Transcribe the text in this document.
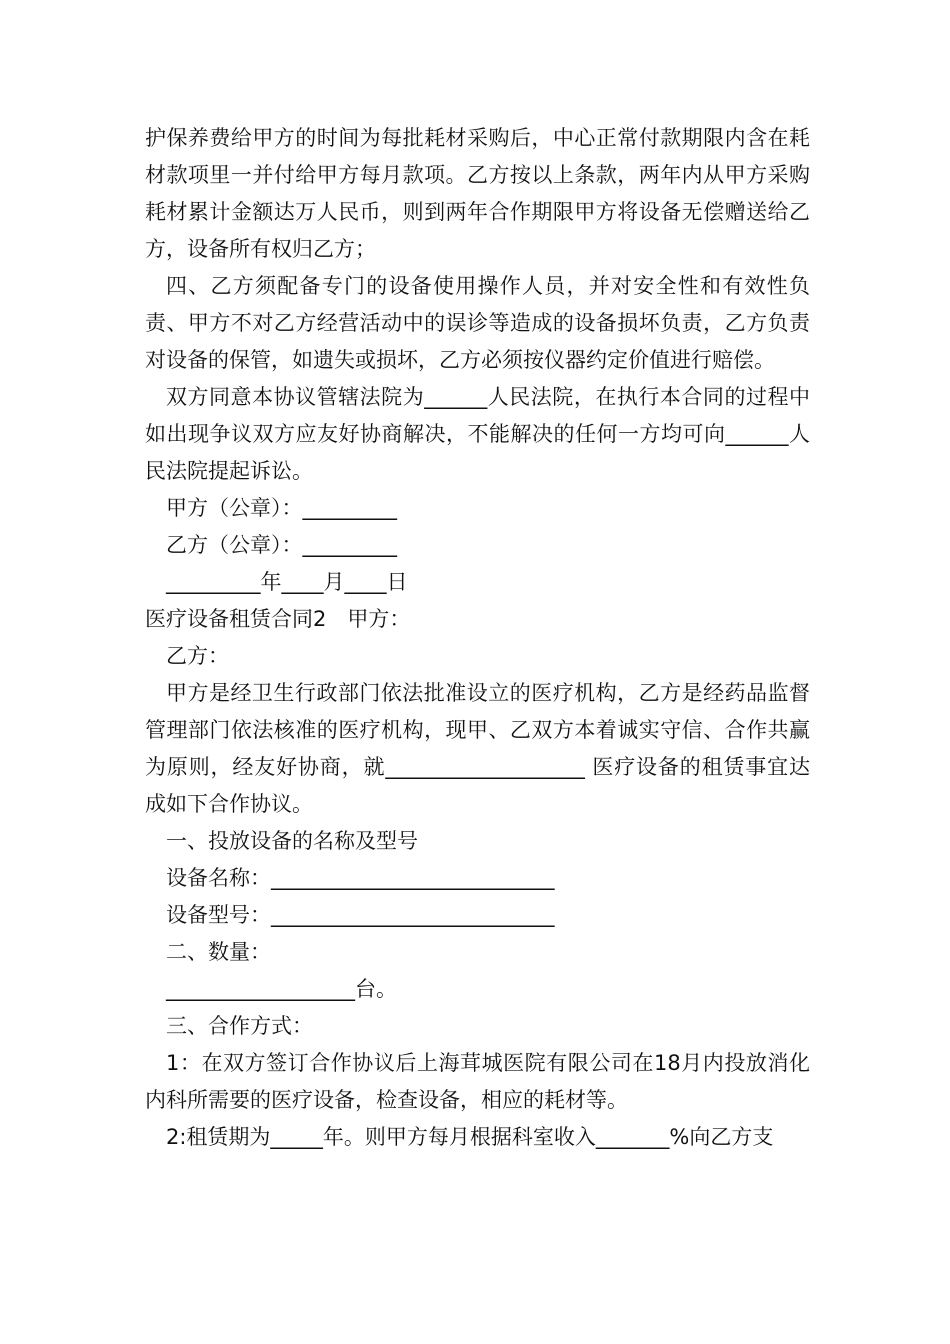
护保养费给甲方的时间为每批耗材采购后，中心正常付款期限内含在耗材款项里一并付给甲方每月款项。乙方按以上条款，两年内从甲方采购耗材累计金额达万人民币，则到两年合作期限甲方将设备无偿赠送给乙方，设备所有权归乙方；

四、乙方须配备专门的设备使用操作人员，并对安全性和有效性负责、甲方不对乙方经营活动中的误诊等造成的设备损坏负责，乙方负责对设备的保管，如遗失或损坏，乙方必须按仪器约定价值进行赔偿。

双方同意本协议管辖法院为______人民法院，在执行本合同的过程中如出现争议双方应友好协商解决，不能解决的任何一方均可向______人民法院提起诉讼。

甲方（公章）：_________

乙方（公章）：_________

_________年____月____日

医疗设备租赁合同2　甲方：

乙方：

甲方是经卫生行政部门依法批准设立的医疗机构，乙方是经药品监督管理部门依法核准的医疗机构，现甲、乙双方本着诚实守信、合作共赢为原则，经友好协商，就___________________ 医疗设备的租赁事宜达成如下合作协议。

一、投放设备的名称及型号

设备名称：___________________________

设备型号：___________________________

二、数量：

__________________台。

三、合作方式：

1：在双方签订合作协议后上海茸城医院有限公司在18月内投放消化内科所需要的医疗设备，检查设备，相应的耗材等。

2:租赁期为_____年。则甲方每月根据科室收入_______%向乙方支
